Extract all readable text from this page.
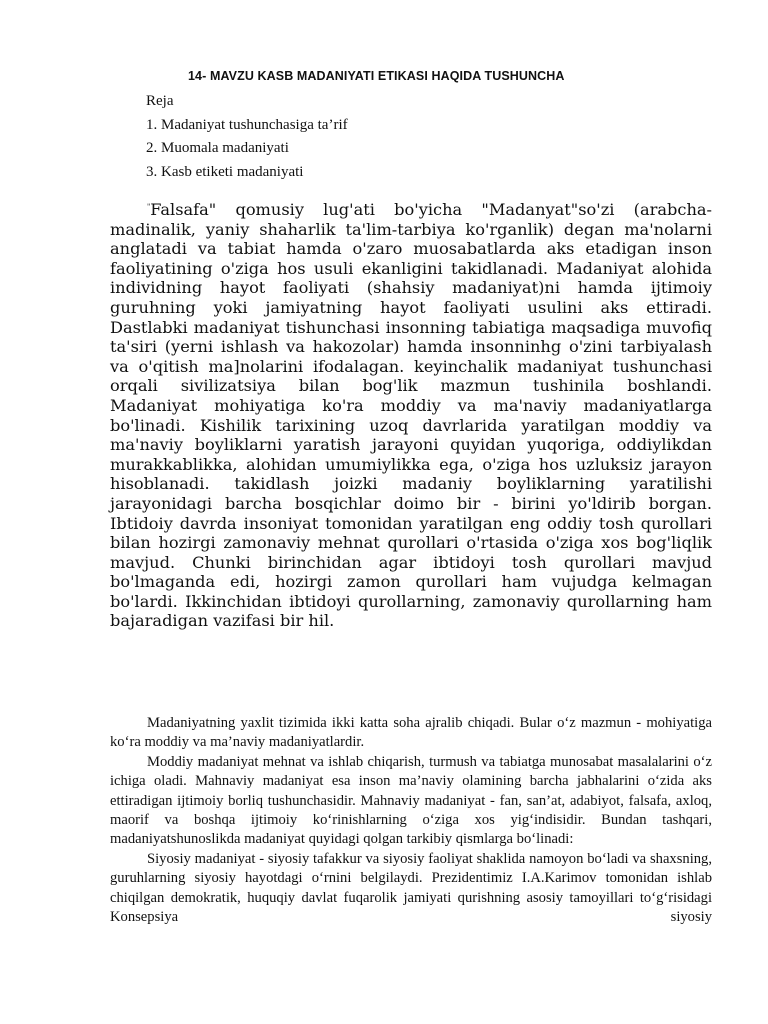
14- MAVZU KASB MADANIYATI ETIKASI HAQIDA TUSHUNCHA
Reja
1. Madaniyat tushunchasiga ta’rif
2. Muomala madaniyati
3. Kasb etiketi madaniyati
"Falsafa" qomusiy lug'ati bo'yicha "Madanyat"so'zi (arabcha- madinalik, yaniy shaharlik ta'lim-tarbiya ko'rganlik) degan ma'nolarni anglatadi va tabiat hamda o'zaro muosabatlarda aks etadigan inson faoliyatining o'ziga hos usuli ekanligini takidlanadi. Madaniyat alohida individning hayot faoliyati (shahsiy madaniyat)ni hamda ijtimoiy guruhning yoki jamiyatning hayot faoliyati usulini aks ettiradi.
Dastlabki madaniyat tishunchasi insonning tabiatiga maqsadiga muvofiq ta'siri (yerni ishlash va hakozolar) hamda insonninhg o'zini tarbiyalash va o'qitish ma]nolarini ifodalagan. keyinchalik madaniyat tushunchasi orqali sivilizatsiya bilan bog'lik mazmun tushinila boshlandi.
Madaniyat mohiyatiga ko'ra moddiy va ma'naviy madaniyatlarga bo'linadi. Kishilik tarixining uzoq davrlarida yaratilgan moddiy va ma'naviy boyliklarni yaratish jarayoni quyidan yuqoriga, oddiylikdan murakkablikka, alohidan umumiylikka ega, o'ziga hos uzluksiz jarayon hisoblanadi. takidlash joizki madaniy boyliklarning yaratilishi jarayonidagi barcha bosqichlar doimo bir - birini yo'ldirib borgan.
Ibtidoiy davrda insoniyat tomonidan yaratilgan eng oddiy tosh qurollari bilan hozirgi zamonaviy mehnat qurollari o'rtasida o'ziga xos bog'liqlik mavjud. Chunki birinchidan agar ibtidoyi tosh qurollari mavjud bo'lmaganda edi, hozirgi zamon qurollari ham vujudga kelmagan bo'lardi. Ikkinchidan ibtidoyi qurollarning, zamonaviy qurollarning ham bajaradigan vazifasi bir hil.

Madaniyatning yaxlit tizimida ikki katta soha ajralib chiqadi. Bular o‘z mazmun - mohiyatiga ko‘ra moddiy va ma’naviy madaniyatlardir.

Moddiy madaniyat mehnat va ishlab chiqarish, turmush va tabiatga munosabat masalalarini o‘z ichiga oladi. Mahnaviy madaniyat esa inson ma’naviy olamining barcha jabhalarini o‘zida aks ettiradigan ijtimoiy borliq tushunchasidir. Mahnaviy madaniyat - fan, san’at, adabiyot, falsafa, axloq, maorif va boshqa ijtimoiy ko‘rinishlarning o‘ziga xos yig‘indisidir. Bundan tashqari, madaniyatshunoslikda madaniyat quyidagi qolgan tarkibiy qismlarga bo‘linadi:

Siyosiy madaniyat - siyosiy tafakkur va siyosiy faoliyat shaklida namoyon bo‘ladi va shaxsning, guruhlarning siyosiy hayotdagi o‘rnini belgilaydi. Prezidentimiz I.A.Karimov tomonidan ishlab chiqilgan demokratik, huquqiy davlat fuqarolik jamiyati qurishning asosiy tamoyillari to‘g‘risidagi Konsepsiya siyosiy
